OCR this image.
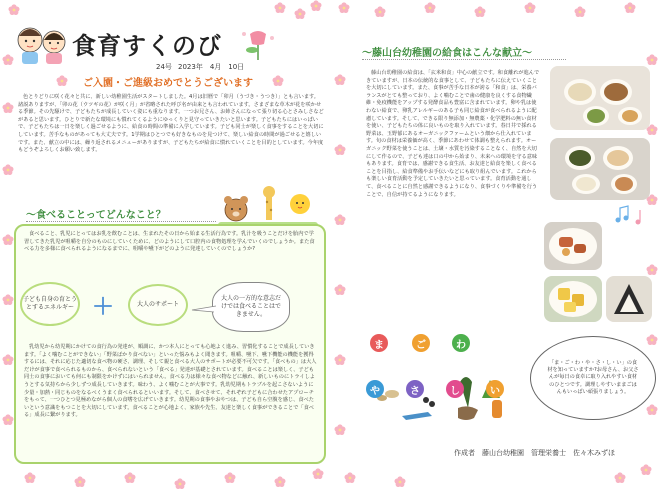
食育すくのび
24号 2023年　4月　10日
ご入園・ご進級おめでとうございます
色とりどりに咲く花々と共に、新しい幼稚園生活がスタートしました。4月は旧暦で「卯月（うづき・うつき）」とも言います。諸説ありますが、「卯の花（ウツギの花）が咲く月」が省略された呼び名が由来とも言われています。さまざまな草木が花を咲かせる季節。その先駆けで、子どもたちが成長していく姿にも重なります。一つお兄さん、お姉さんになって張り切る心とさみしさなどがあると思います。ひとりで新たな環境にも慣れてくるようにゆっくりと見守っていきたいと思います。子どもたちにはいっぱいで、子どもたちは一日を楽しく過ごせるように、給食の時間の準備に入学しています。子ども同士が楽しく食事をすることを大切にしています。苦手なものがあっても大丈夫です。1学期はひとつでも好きなものを見つけて、楽しい給食の時間が過ごせると嬉しいです。また、献立の中には、繰り返されるメニューがありますが、子どもたちが給食に慣れていくことを目的としています。今年度もどうぞよろしくお願い致します。
～食べることってどんなこと？
食べること、乳児にとってはお乳を飲むことは、生まれたその日から始まる生活行為です。乳汁を吸うことだけを胎内で学習してきた乳児が咀嚼を自分のものにしていくために、どのようにして口腔内の食物処理を学んでいくのでしょうか。また食べる力を多様に食べられるようになるまでに、咀嚼や嚥下がどのように発達していくのでしょうか?
子ども自身の育とうとするエネルギー ＋	大人のサポート
大人の一方的な意志だけでは食べることはできません。
乳幼児から幼児期にかけての食行為の発達が、順調に、かつ本人にとっても心地よく進み、習慣化することで成長していきます。「よく噛むことができない」「野菜ばかり食べない」といった悩みもよく聞きます。咀嚼、嚥下、嚥下機能の機能を獲得するには、それに応じた適切な食べ物の硬さ、調理、そして親と食べる大人のサポートが必要不可欠です。「食べもの」は大人だけが食事で食べられるものから、食べられないという「食べる」発達が基礎とされています。食べることは楽しく、子ども同士の食事においても何にも制限をかけずにはいられません。食べる力は様々な食べ物などに触れ、新しいものにトライしようとする気持ちから少しずつ成長していきます。味わう、よく噛むことが大事です。乳幼児期もトラブルを起こさないように少量・加熱・同じものをなるべくうまく食べられるといいます。そして、食べさせて、それぞれ子どもに合わせたアプローチをもって、一つひとつ見極めながら個人の食嗜を広げていきます。幼児期の食事やおやつは、子ども自ら空腹を感じ、食べたいという意識をもつことを大切にしています。食べることが心地よく、家族や先生、友達と楽しく食事ができることで「食べる」成長に繋がります。
～藤山台幼稚園の給食はこんな献立～
藤山台幼稚園の給食は、「玄米和食」中心の献立です。和食離れが進んできていますが、日本の伝統的な食事として、子どもたちに伝えていくことを大切にしています。また、食事が苦手な日本が誇る「和食」は、栄養バランスがとても整っており、よく噛むことで歯の健康を良くする食物繊維・免疫機能をアップする発酵食品も豊富に含まれています。卵や乳は使わない給食で、卵乳アレルギーのある子も同じ給食が食べられるように配慮しています。そして、できる限り無添加・無農薬・化学肥料の無い食材を使い、子どもたちの体に良いものを取り入れています。春日井で採れる野菜は、玉野郁にあるオーガニックファームという畑から仕入れています。旬の食材は栄養価が高く、季節にあわせて体調も整えられます。オーガニック野菜を使うことは、土壌・水質を汚染することなく、自然を大切にして作るので、子ども達は口の中から始まり、未来への環境を守る意味もあります。食育では、感謝できる食生活、お友達と給食を楽しく食べることを目指し、給食準備やお手伝いなどにも取り組んでいます。これからも楽しい食育活動を予定していきたいと思っています。食育活動を通して、食べることに自然と感謝できるようになり、食事づくりや準備を行うことで、自信が持てるようになります。
ま	ご	わ
や	さ	し	い
「ま・ご・わ・や・さ・し・い」の食材を知っていますか?お母さん、お父さんが毎日の食卓に取り入れやすい食材のひとつです。調理しやすいままごはんもいっぱい頑張りましょう。
作成者　藤山台幼稚園　管理栄養士　佐々木みずほ
